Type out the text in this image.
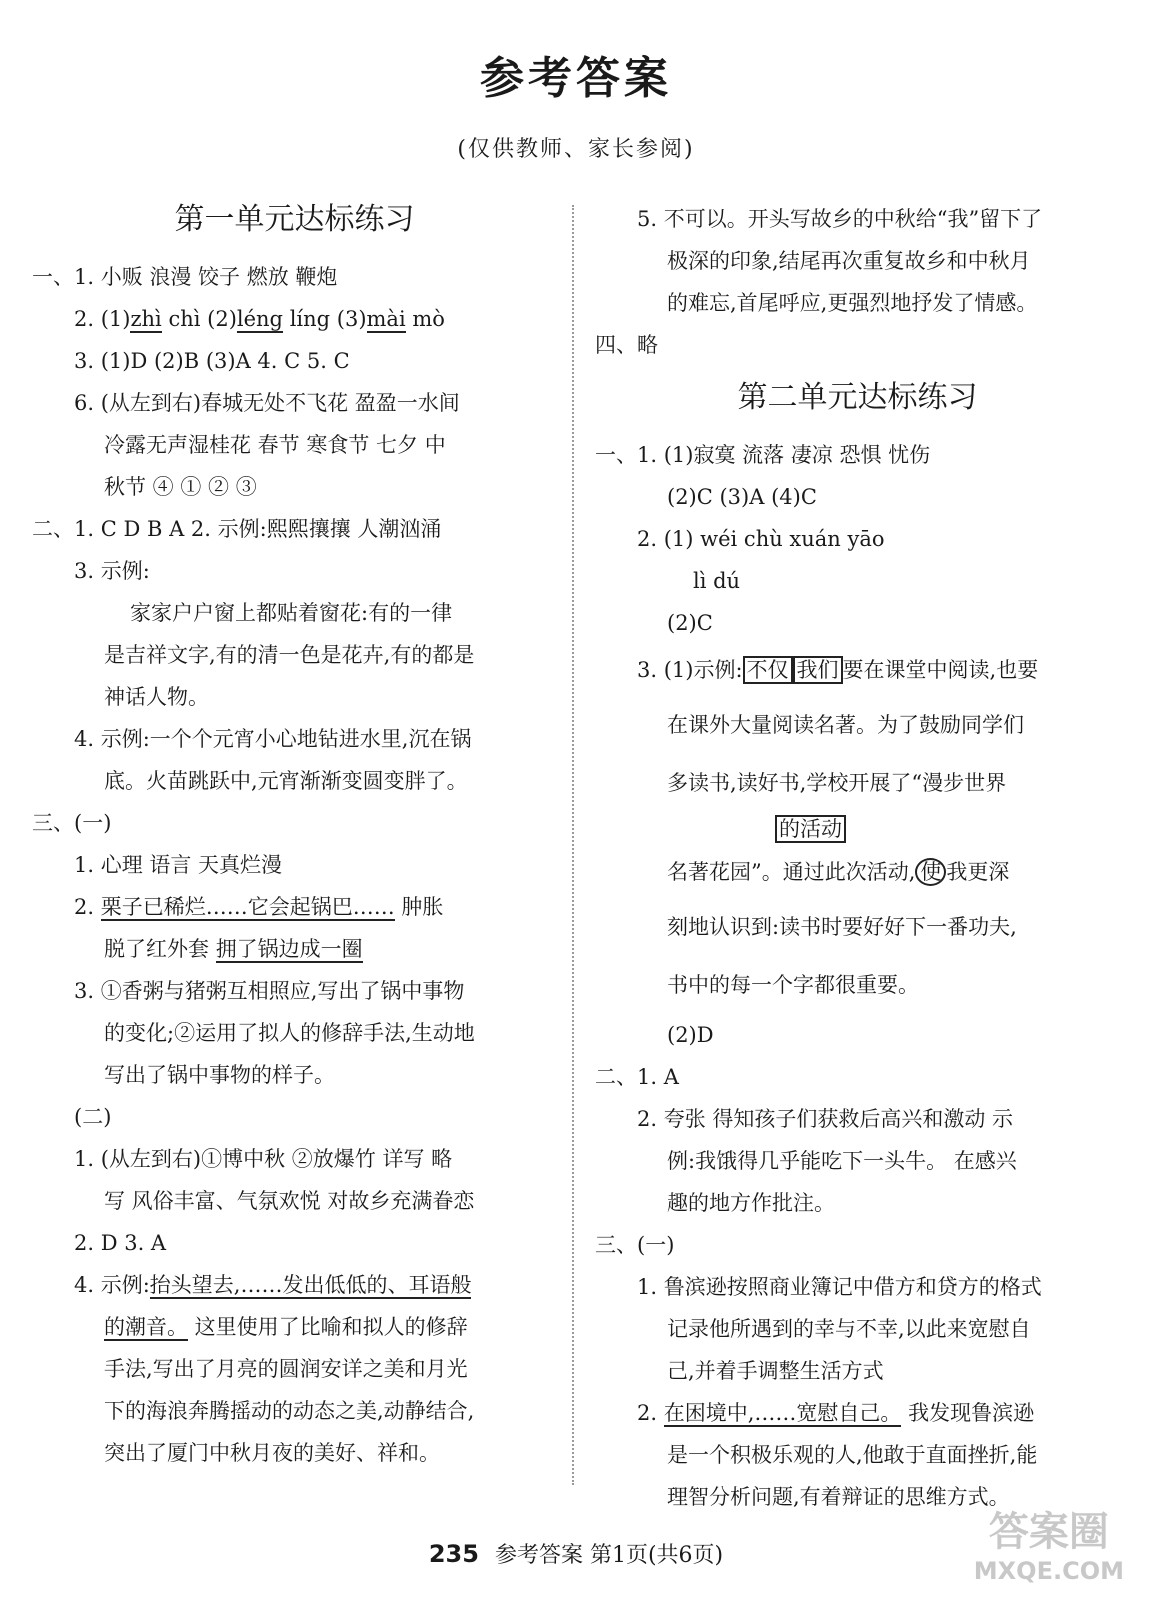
参考答案
(仅供教师、家长参阅)
第一单元达标练习
一、1. 小贩 浪漫 饺子 燃放 鞭炮
2. (1)zhì chì (2)léng líng (3)mài mò
3. (1)D (2)B (3)A 4. C 5. C
6. (从左到右)春城无处不飞花 盈盈一水间
冷露无声湿桂花 春节 寒食节 七夕 中
秋节 ④ ① ② ③
二、1. C D B A 2. 示例:熙熙攘攘 人潮汹涌
3. 示例:
家家户户窗上都贴着窗花:有的一律
是吉祥文字,有的清一色是花卉,有的都是
神话人物。
4. 示例:一个个元宵小心地钻进水里,沉在锅
底。火苗跳跃中,元宵渐渐变圆变胖了。
三、(一)
1. 心理 语言 天真烂漫
2. 栗子已稀烂……它会起锅巴…… 肿胀
脱了红外套 拥了锅边成一圈
3. ①香粥与猪粥互相照应,写出了锅中事物
的变化;②运用了拟人的修辞手法,生动地
写出了锅中事物的样子。
(二)
1. (从左到右)①博中秋 ②放爆竹 详写 略
写 风俗丰富、气氛欢悦 对故乡充满眷恋
2. D 3. A
4. 示例:抬头望去,……发出低低的、耳语般
的潮音。 这里使用了比喻和拟人的修辞
手法,写出了月亮的圆润安详之美和月光
下的海浪奔腾摇动的动态之美,动静结合,
突出了厦门中秋月夜的美好、祥和。
5. 不可以。开头写故乡的中秋给“我”留下了
极深的印象,结尾再次重复故乡和中秋月
的难忘,首尾呼应,更强烈地抒发了情感。
四、略
第二单元达标练习
一、1. (1)寂寞 流落 凄凉 恐惧 忧伤
(2)C (3)A (4)C
2. (1) wéi chù xuán yāo
lì dú
(2)C
3. (1)示例: 不仅 我们 要在课堂中阅读,也要
在课外大量阅读名著。为了鼓励同学们
多读书,读好书,学校开展了“漫步世界
的活动
名著花园”。通过此次活动, 使 我更深
刻地认识到:读书时要好好下一番功夫,
书中的每一个字都很重要。
(2)D
二、1. A
2. 夸张 得知孩子们获救后高兴和激动 示
例:我饿得几乎能吃下一头牛。 在感兴
趣的地方作批注。
三、(一)
1. 鲁滨逊按照商业簿记中借方和贷方的格式
记录他所遇到的幸与不幸,以此来宽慰自
己,并着手调整生活方式
2. 在困境中,……宽慰自己。 我发现鲁滨逊
是一个积极乐观的人,他敢于直面挫折,能
理智分析问题,有着辩证的思维方式。
235 参考答案 第1页(共6页)
答案圈
MXQE.COM
